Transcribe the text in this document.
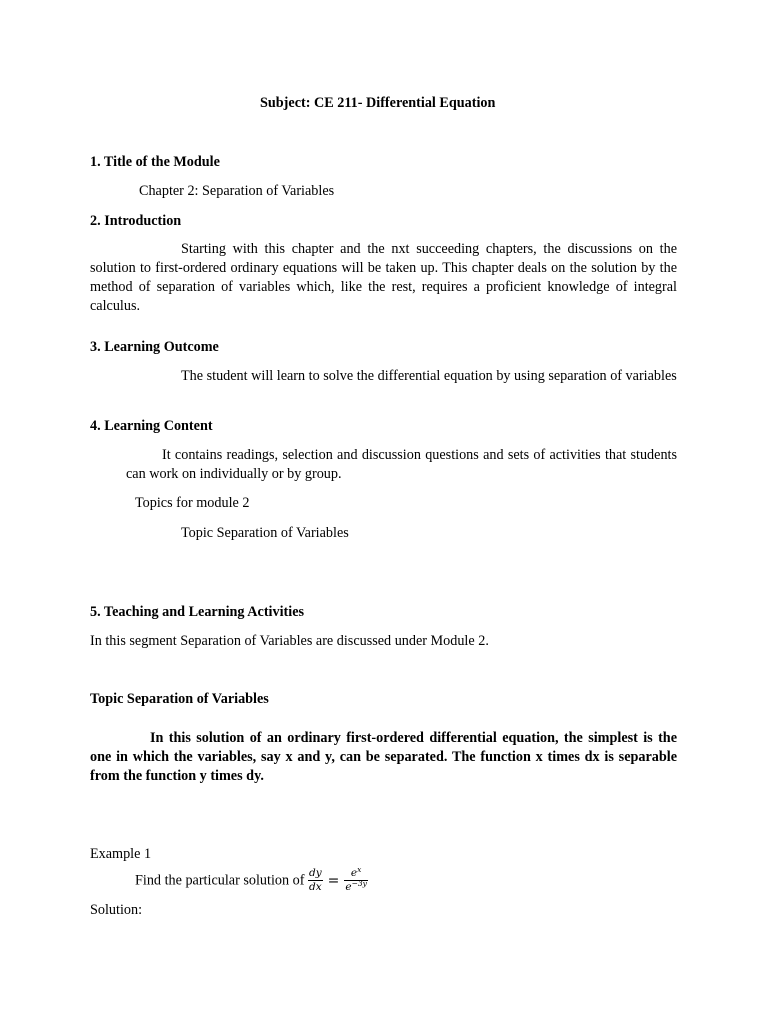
Subject: CE 211- Differential Equation
1. Title of the Module
Chapter 2: Separation of Variables
2. Introduction
Starting with this chapter and the nxt succeeding chapters, the discussions on the solution to first-ordered ordinary equations will be taken up. This chapter deals on the solution by the method of separation of variables which, like the rest, requires a proficient knowledge of integral calculus.
3. Learning Outcome
The student will learn to solve the differential equation by using separation of variables
4. Learning Content
It contains readings, selection and discussion questions and sets of activities that students can work on individually or by group.
Topics for module 2
Topic Separation of Variables
5. Teaching and Learning Activities
In this segment Separation of Variables are discussed under Module 2.
Topic Separation of Variables
In this solution of an ordinary first-ordered differential equation, the simplest is the one in which the variables, say x and y, can be separated. The function x times dx is separable from the function y times dy.
Example 1
Find the particular solution of $\frac{dy}{dx} = \frac{e^x}{e^{-3y}}$
Solution:
